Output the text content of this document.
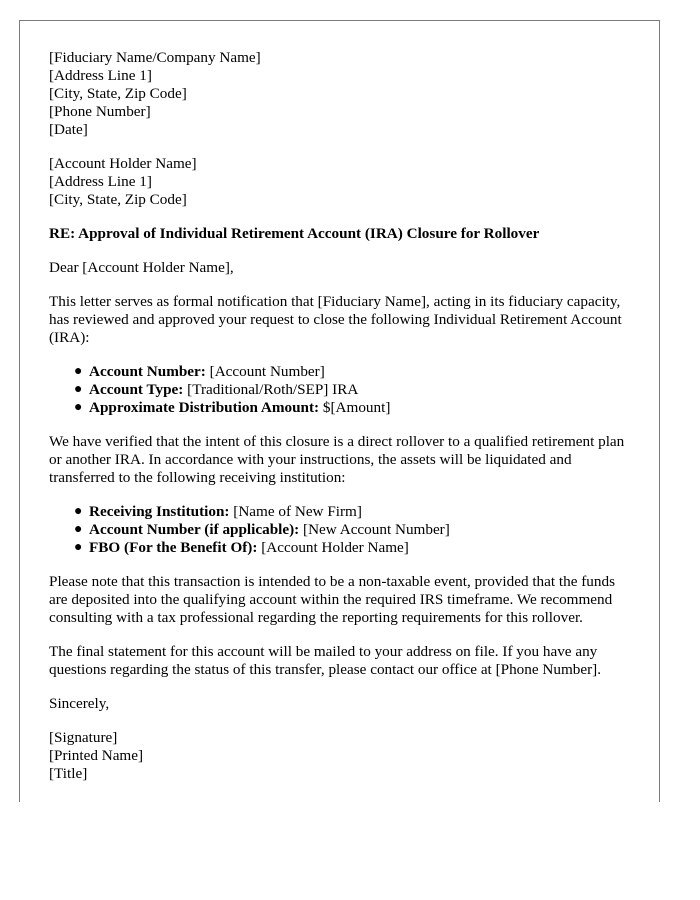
[Fiduciary Name/Company Name]
[Address Line 1]
[City, State, Zip Code]
[Phone Number]
[Date]
[Account Holder Name]
[Address Line 1]
[City, State, Zip Code]
RE: Approval of Individual Retirement Account (IRA) Closure for Rollover

Dear [Account Holder Name],

This letter serves as formal notification that [Fiduciary Name], acting in its fiduciary capacity, has reviewed and approved your request to close the following Individual Retirement Account (IRA):

● Account Number: [Account Number]
● Account Type: [Traditional/Roth/SEP] IRA
● Approximate Distribution Amount: $[Amount]

We have verified that the intent of this closure is a direct rollover to a qualified retirement plan or another IRA. In accordance with your instructions, the assets will be liquidated and transferred to the following receiving institution:

● Receiving Institution: [Name of New Firm]
● Account Number (if applicable): [New Account Number]
● FBO (For the Benefit Of): [Account Holder Name]

Please note that this transaction is intended to be a non-taxable event, provided that the funds are deposited into the qualifying account within the required IRS timeframe. We recommend consulting with a tax professional regarding the reporting requirements for this rollover.

The final statement for this account will be mailed to your address on file. If you have any questions regarding the status of this transfer, please contact our office at [Phone Number].

Sincerely,

[Signature]
[Printed Name]
[Title]
